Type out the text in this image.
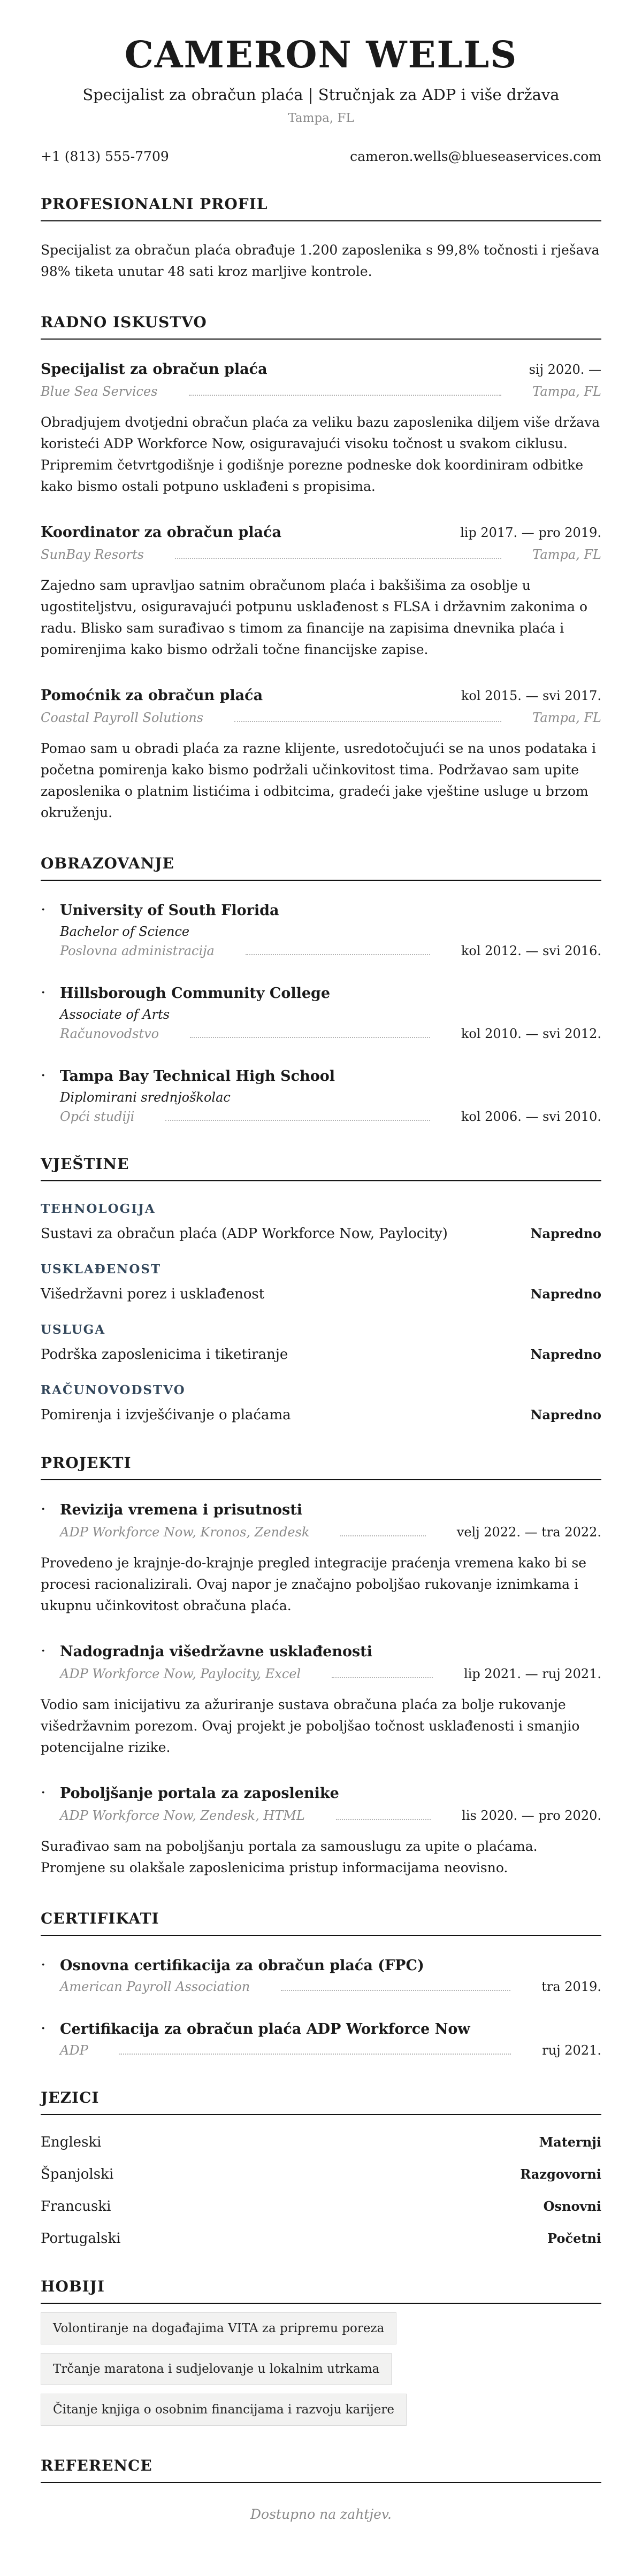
CAMERON WELLS
Specijalist za obračun plaća | Stručnjak za ADP i više država
Tampa, FL
+1 (813) 555-7709	cameron.wells@blueseaservices.com
PROFESIONALNI PROFIL
Specijalist za obračun plaća obrađuje 1.200 zaposlenika s 99,8% točnosti i rješava 98% tiketa unutar 48 sati kroz marljive kontrole.
RADNO ISKUSTVO
Specijalist za obračun plaća	sij 2020. —
Blue Sea Services	Tampa, FL
Obradjujem dvotjedni obračun plaća za veliku bazu zaposlenika diljem više država koristeći ADP Workforce Now, osiguravajući visoku točnost u svakom ciklusu. Pripremim četvrtgodišnje i godišnje porezne podneske dok koordiniram odbitke kako bismo ostali potpuno usklađeni s propisima.
Koordinator za obračun plaća	lip 2017. — pro 2019.
SunBay Resorts	Tampa, FL
Zajedno sam upravljao satnim obračunom plaća i bakšišima za osoblje u ugostiteljstvu, osiguravajući potpunu usklađenost s FLSA i državnim zakonima o radu. Blisko sam surađivao s timom za financije na zapisima dnevnika plaća i pomirenjima kako bismo održali točne financijske zapise.
Pomoćnik za obračun plaća	kol 2015. — svi 2017.
Coastal Payroll Solutions	Tampa, FL
Pomao sam u obradi plaća za razne klijente, usredotočujući se na unos podataka i početna pomirenja kako bismo podržali učinkovitost tima. Podržavao sam upite zaposlenika o platnim listićima i odbitcima, gradeći jake vještine usluge u brzom okruženju.
OBRAZOVANJE
· University of South Florida
Bachelor of Science
Poslovna administracija	kol 2012. — svi 2016.
· Hillsborough Community College
Associate of Arts
Računovodstvo	kol 2010. — svi 2012.
· Tampa Bay Technical High School
Diplomirani srednjoškolac
Opći studiji	kol 2006. — svi 2010.
VJEŠTINE
TEHNOLOGIJA
Sustavi za obračun plaća (ADP Workforce Now, Paylocity)	Napredno
USKLAĐENOST
Višedržavni porez i usklađenost	Napredno
USLUGA
Podrška zaposlenicima i tiketiranje	Napredno
RAČUNOVODSTVO
Pomirenja i izvješćivanje o plaćama	Napredno
PROJEKTI
· Revizija vremena i prisutnosti
ADP Workforce Now, Kronos, Zendesk	velj 2022. — tra 2022.
Provedeno je krajnje-do-krajnje pregled integracije praćenja vremena kako bi se procesi racionalizirali. Ovaj napor je značajno poboljšao rukovanje iznimkama i ukupnu učinkovitost obračuna plaća.
· Nadogradnja višedržavne usklađenosti
ADP Workforce Now, Paylocity, Excel	lip 2021. — ruj 2021.
Vodio sam inicijativu za ažuriranje sustava obračuna plaća za bolje rukovanje višedržavnim porezom. Ovaj projekt je poboljšao točnost usklađenosti i smanjio potencijalne rizike.
· Poboljšanje portala za zaposlenike
ADP Workforce Now, Zendesk, HTML	lis 2020. — pro 2020.
Surađivao sam na poboljšanju portala za samouslugu za upite o plaćama. Promjene su olakšale zaposlenicima pristup informacijama neovisno.
CERTIFIKATI
· Osnovna certifikacija za obračun plaća (FPC)
American Payroll Association	tra 2019.
· Certifikacija za obračun plaća ADP Workforce Now
ADP	ruj 2021.
JEZICI
Engleski	Maternji
Španjolski	Razgovorni
Francuski	Osnovni
Portugalski	Početni
HOBIJI
Volontiranje na događajima VITA za pripremu poreza
Trčanje maratona i sudjelovanje u lokalnim utrkama
Čitanje knjiga o osobnim financijama i razvoju karijere
REFERENCE
Dostupno na zahtjev.
